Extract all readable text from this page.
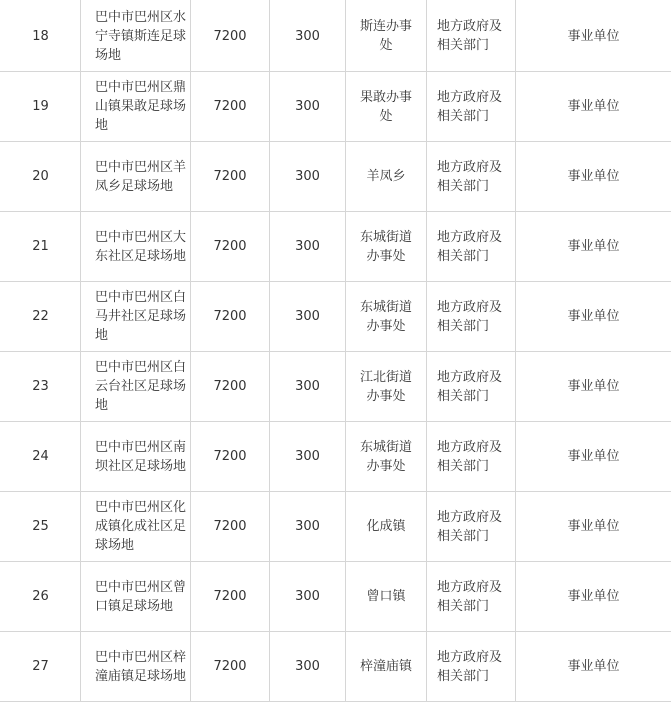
18	巴中市巴州区水宁寺镇斯连足球场地	7200	300	斯连办事处	地方政府及相关部门	事业单位
19	巴中市巴州区鼎山镇果敢足球场地	7200	300	果敢办事处	地方政府及相关部门	事业单位
20	巴中市巴州区羊凤乡足球场地	7200	300	羊凤乡	地方政府及相关部门	事业单位
21	巴中市巴州区大东社区足球场地	7200	300	东城街道办事处	地方政府及相关部门	事业单位
22	巴中市巴州区白马井社区足球场地	7200	300	东城街道办事处	地方政府及相关部门	事业单位
23	巴中市巴州区白云台社区足球场地	7200	300	江北街道办事处	地方政府及相关部门	事业单位
24	巴中市巴州区南坝社区足球场地	7200	300	东城街道办事处	地方政府及相关部门	事业单位
25	巴中市巴州区化成镇化成社区足球场地	7200	300	化成镇	地方政府及相关部门	事业单位
26	巴中市巴州区曾口镇足球场地	7200	300	曾口镇	地方政府及相关部门	事业单位
27	巴中市巴州区梓潼庙镇足球场地	7200	300	梓潼庙镇	地方政府及相关部门	事业单位
